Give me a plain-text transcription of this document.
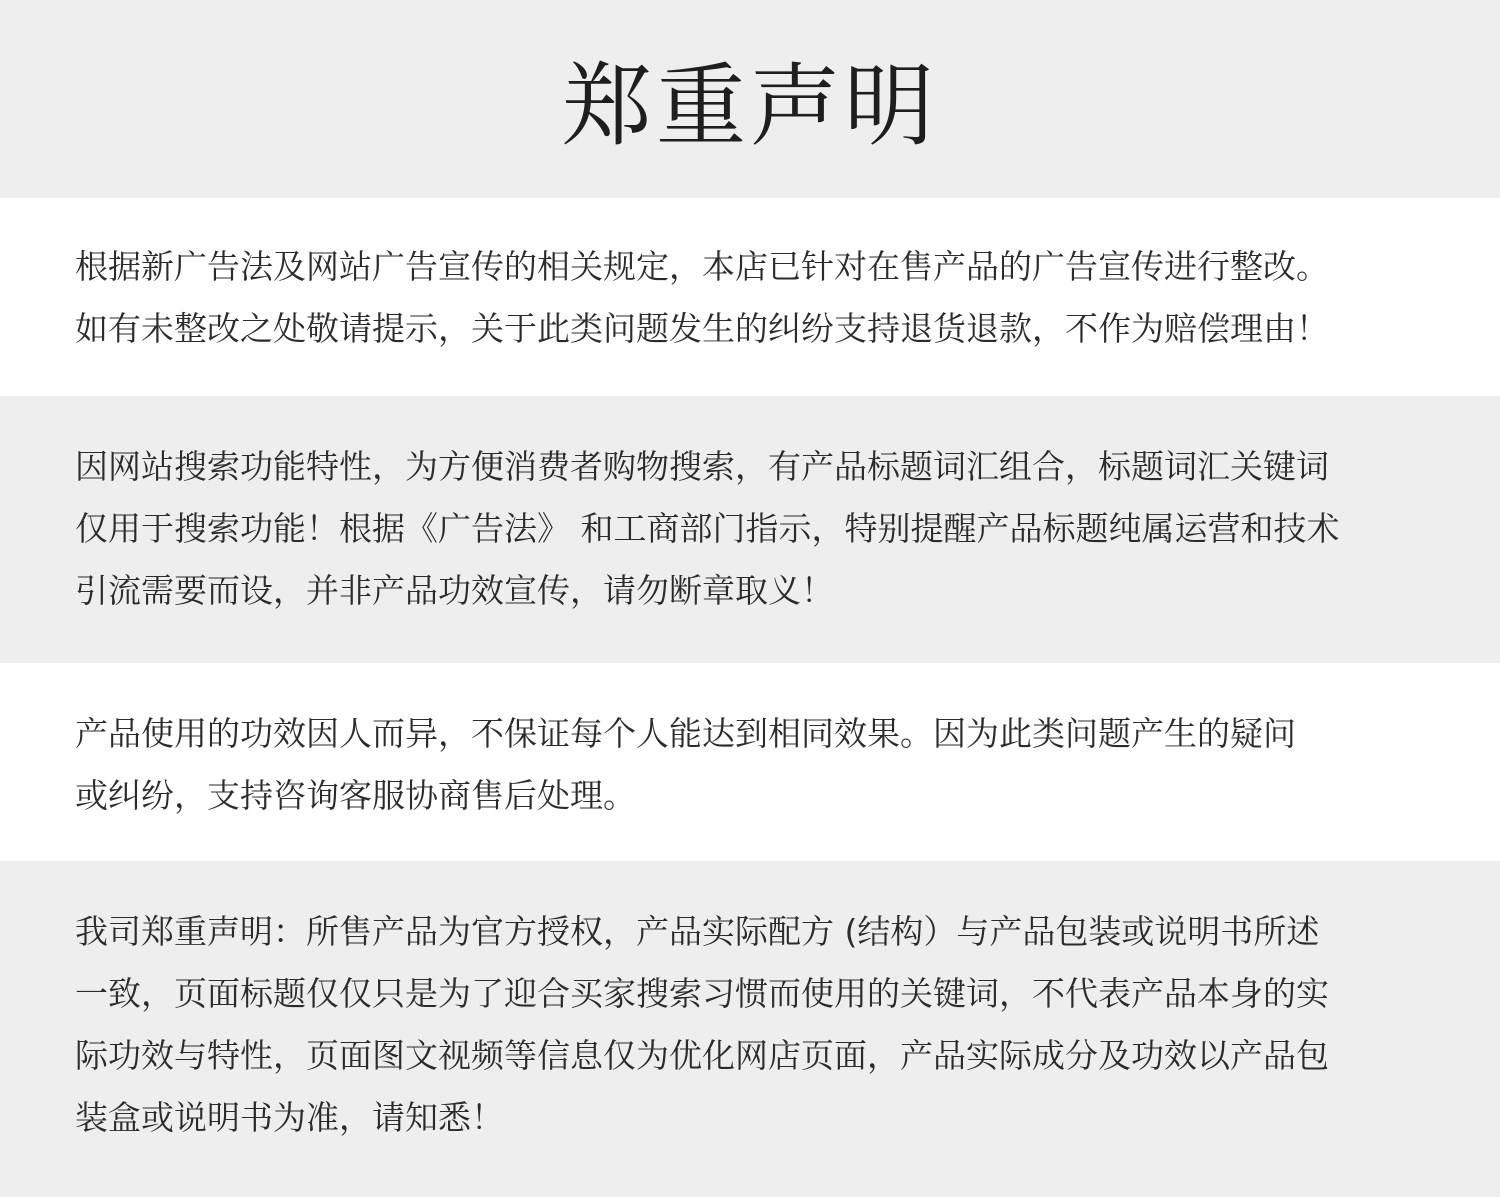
郑重声明

根据新广告法及网站广告宣传的相关规定，本店已针对在售产品的广告宣传进行整改。

如有未整改之处敬请提示，关于此类问题发生的纠纷支持退货退款，不作为赔偿理由！

因网站搜索功能特性，为方便消费者购物搜索，有产品标题词汇组合，标题词汇关键词

仅用于搜索功能！根据《广告法》 和工商部门指示，特别提醒产品标题纯属运营和技术

引流需要而设，并非产品功效宣传，请勿断章取义！

产品使用的功效因人而异，不保证每个人能达到相同效果。因为此类问题产生的疑问

或纠纷，支持咨询客服协商售后处理。

我司郑重声明：所售产品为官方授权，产品实际配方 (结构）与产品包装或说明书所述

一致，页面标题仅仅只是为了迎合买家搜索习惯而使用的关键词，不代表产品本身的实

际功效与特性，页面图文视频等信息仅为优化网店页面，产品实际成分及功效以产品包

装盒或说明书为准，请知悉！
